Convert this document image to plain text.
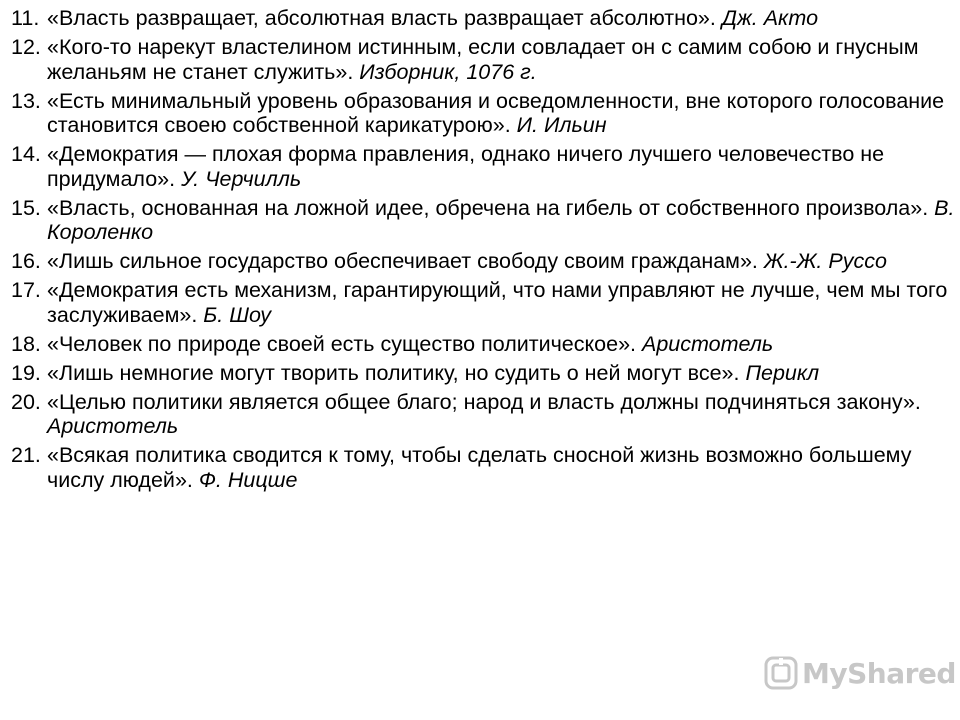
11. «Власть развращает, абсолютная власть развращает абсолютно». Дж. Акто
12. «Кого-то нарекут властелином истинным, если совладает он с самим собою и гнусным желаньям не станет служить». Изборник, 1076 г.
13. «Есть минимальный уровень образования и осведомленности, вне которого голосование становится своею собственной карикатурою». И. Ильин
14. «Демократия — плохая форма правления, однако ничего лучшего человечество не придумало». У. Черчилль
15. «Власть, основанная на ложной идее, обречена на гибель от собственного произвола». В. Короленко
16. «Лишь сильное государство обеспечивает свободу своим гражданам». Ж.-Ж. Руссо
17. «Демократия есть механизм, гарантирующий, что нами управляют не лучше, чем мы того заслуживаем». Б. Шоу
18. «Человек по природе своей есть существо политическое». Аристотель
19. «Лишь немногие могут творить политику, но судить о ней могут все». Перикл
20. «Целью политики является общее благо; народ и власть должны подчиняться закону». Аристотель
21. «Всякая политика сводится к тому, чтобы сделать сносной жизнь возможно большему числу людей». Ф. Ницше
MyShared
